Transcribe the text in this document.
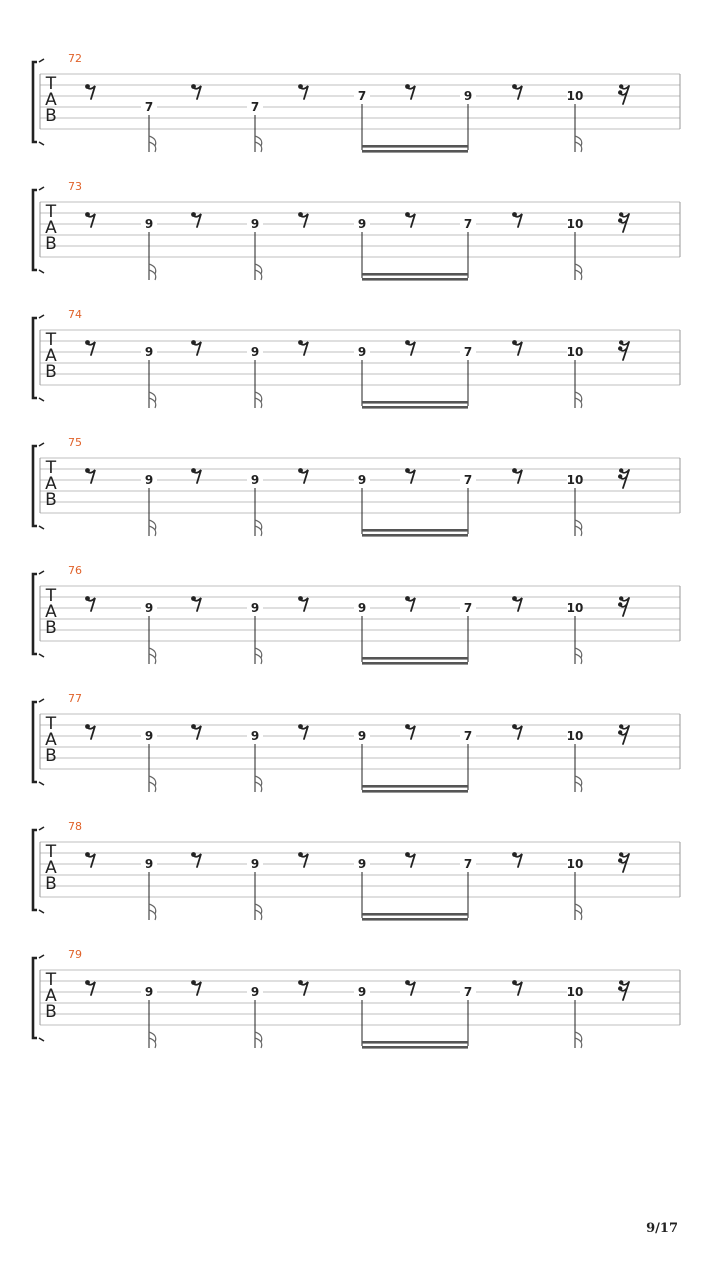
72
T
A
B	7	7
7	9	10
73
T
A
B
9	9	9	7	10
74
T
A
B
9	9	9	7	10
75
T
A
B
9	9	9	7	10
76
T
A
B
9	9	9	7	10
77
T
A
B
9	9	9	7	10
78
T
A
B
9	9	9	7	10
79
T
A
B
9	9	9	7	10
9/17
